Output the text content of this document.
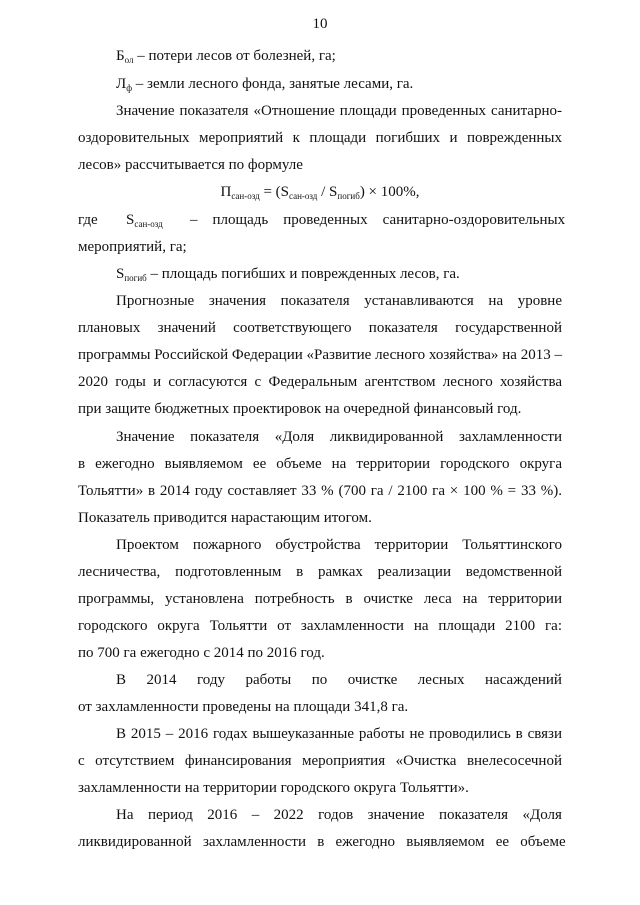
10
$Б_{ол}$ – потери лесов от болезней, га;
$Л_ф$ – земли лесного фонда, занятые лесами, га.
Значение показателя «Отношение площади проведенных санитарно-
оздоровительных мероприятий к площади погибших и поврежденных
лесов» рассчитывается по формуле
$П_{сан-озд} = (S_{сан-озд} / S_{погиб}) \times 100\%$,
где $S_{сан-озд}$ –    площадь    проведенных    санитарно-оздоровительных
мероприятий, га;
$S_{погиб}$ – площадь погибших и поврежденных лесов, га.
Прогнозные   значения   показателя   устанавливаются   на   уровне
плановых  значений  соответствующего  показателя  государственной
программы Российской Федерации «Развитие лесного хозяйства» на 2013 –
2020 годы и согласуются с Федеральным агентством лесного хозяйства
при защите бюджетных проектировок на очередной финансовый год.
Значение   показателя   «Доля   ликвидированной   захламленности
в  ежегодно  выявляемом  ее  объеме  на  территории  городского  округа
Тольятти» в 2014 году составляет 33 % (700 га / 2100 га × 100 % = 33 %).
Показатель приводится нарастающим итогом.
Проектом   пожарного   обустройства   территории   Тольяттинского
лесничества,   подготовленным   в   рамках   реализации   ведомственной
программы,  установлена  потребность  в  очистке  леса  на  территории
городского  округа  Тольятти  от  захламленности  на  площади  2100  га:
по 700 га ежегодно с 2014 по 2016 год.
В 2014 году работы по очистке лесных насаждений
от захламленности проведены на площади 341,8 га.
В 2015 – 2016 годах вышеуказанные работы не проводились в связи
с  отсутствием  финансирования  мероприятия  «Очистка  внелесосечной
захламленности на территории городского округа Тольятти».
На период 2016 – 2022 годов значение показателя «Доля
ликвидированной   захламленности   в   ежегодно   выявляемом   ее   объеме
